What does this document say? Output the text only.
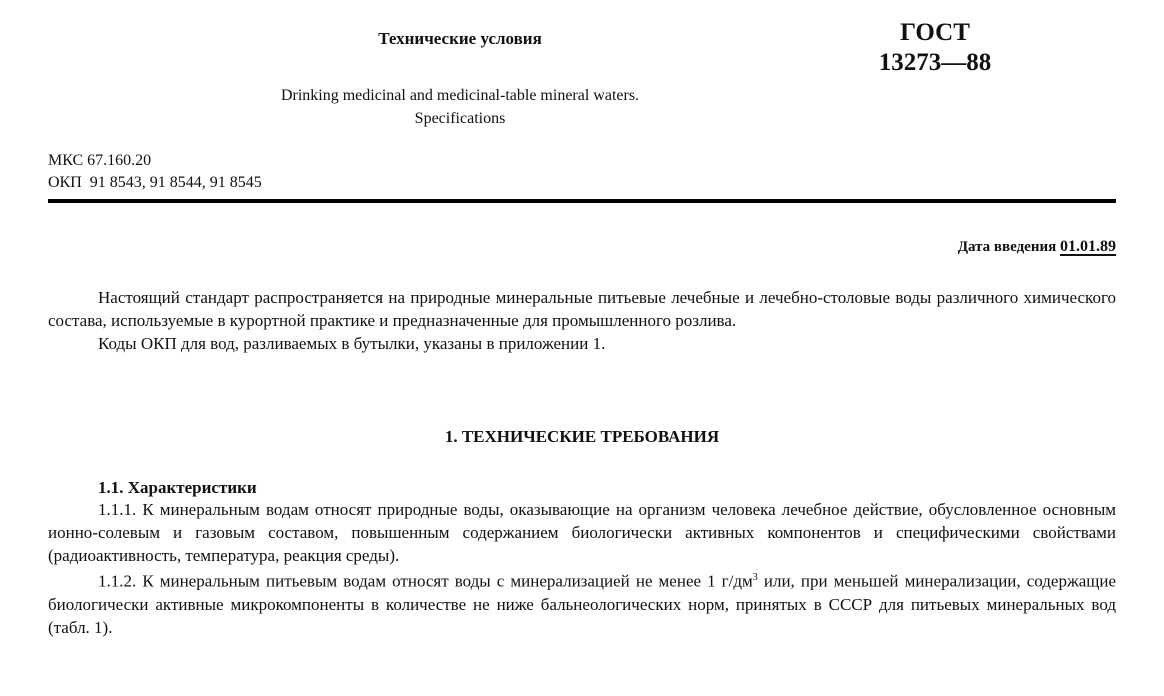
Технические условия	ГОСТ
13273—88
Drinking medicinal and medicinal-table mineral waters.
Specifications
МКС 67.160.20
ОКП  91 8543, 91 8544, 91 8545
Дата введения 01.01.89

Настоящий стандарт распространяется на природные минеральные питьевые лечебные и лечебно-столовые воды различного химического состава, используемые в курортной практике и предназначенные для промышленного розлива.

Коды ОКП для вод, разливаемых в бутылки, указаны в приложении 1.

1. ТЕХНИЧЕСКИЕ ТРЕБОВАНИЯ
1.1. Характеристики

1.1.1. К минеральным водам относят природные воды, оказывающие на организм человека лечебное действие, обусловленное основным ионно-солевым и газовым составом, повышенным содержанием биологически активных компонентов и специфическими свойствами (радиоактивность, температура, реакция среды).

1.1.2. К минеральным питьевым водам относят воды с минерализацией не менее 1 $г/дм^3$ или, при меньшей минерализации, содержащие биологически активные микрокомпоненты в количестве не ниже бальнеологических норм, принятых в СССР для питьевых минеральных вод (табл. 1).
